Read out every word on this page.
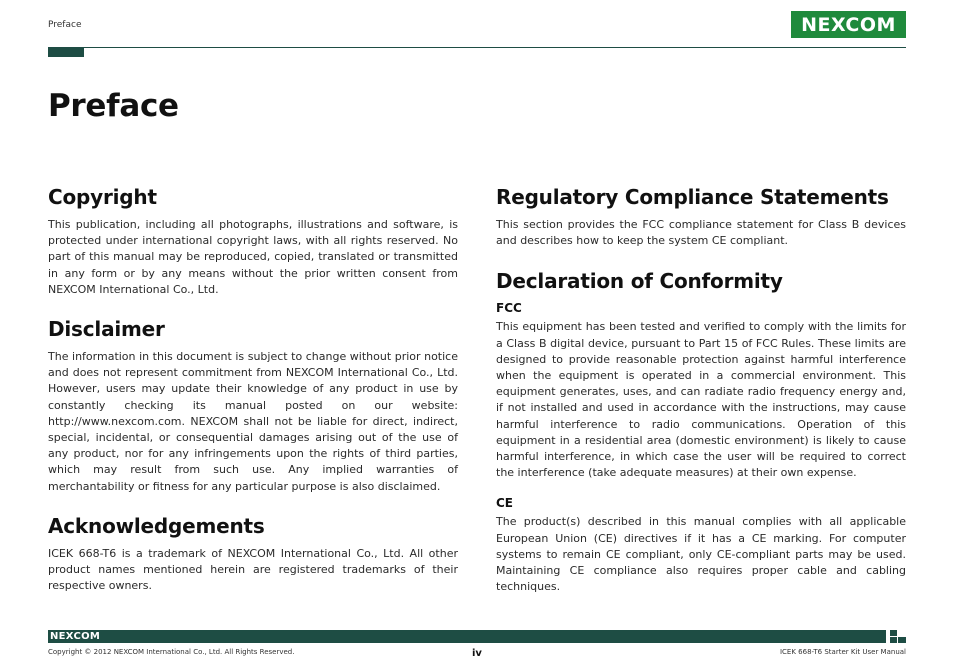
Preface	NEXCOM
Preface
Copyright

This publication, including all photographs, illustrations and software, is protected under international copyright laws, with all rights reserved. No part of this manual may be reproduced, copied, translated or transmitted in any form or by any means without the prior written consent from NEXCOM International Co., Ltd.

Disclaimer

The information in this document is subject to change without prior notice and does not represent commitment from NEXCOM International Co., Ltd. However, users may update their knowledge of any product in use by constantly checking its manual posted on our website: http://www.nexcom.com. NEXCOM shall not be liable for direct, indirect, special, incidental, or consequential damages arising out of the use of any product, nor for any infringements upon the rights of third parties, which may result from such use. Any implied warranties of merchantability or fitness for any particular purpose is also disclaimed.

Acknowledgements

ICEK 668-T6 is a trademark of NEXCOM International Co., Ltd. All other product names mentioned herein are registered trademarks of their respective owners.

Regulatory Compliance Statements

This section provides the FCC compliance statement for Class B devices and describes how to keep the system CE compliant.

Declaration of Conformity
FCC

This equipment has been tested and verified to comply with the limits for a Class B digital device, pursuant to Part 15 of FCC Rules. These limits are designed to provide reasonable protection against harmful interference when the equipment is operated in a commercial environment. This equipment generates, uses, and can radiate radio frequency energy and, if not installed and used in accordance with the instructions, may cause harmful interference to radio communications. Operation of this equipment in a residential area (domestic environment) is likely to cause harmful interference, in which case the user will be required to correct the interference (take adequate measures) at their own expense.

CE

The product(s) described in this manual complies with all applicable European Union (CE) directives if it has a CE marking. For computer systems to remain CE compliant, only CE-compliant parts may be used. Maintaining CE compliance also requires proper cable and cabling techniques.

NEXCOM
Copyright © 2012 NEXCOM International Co., Ltd. All Rights Reserved.	iv	ICEK 668-T6 Starter Kit User Manual
